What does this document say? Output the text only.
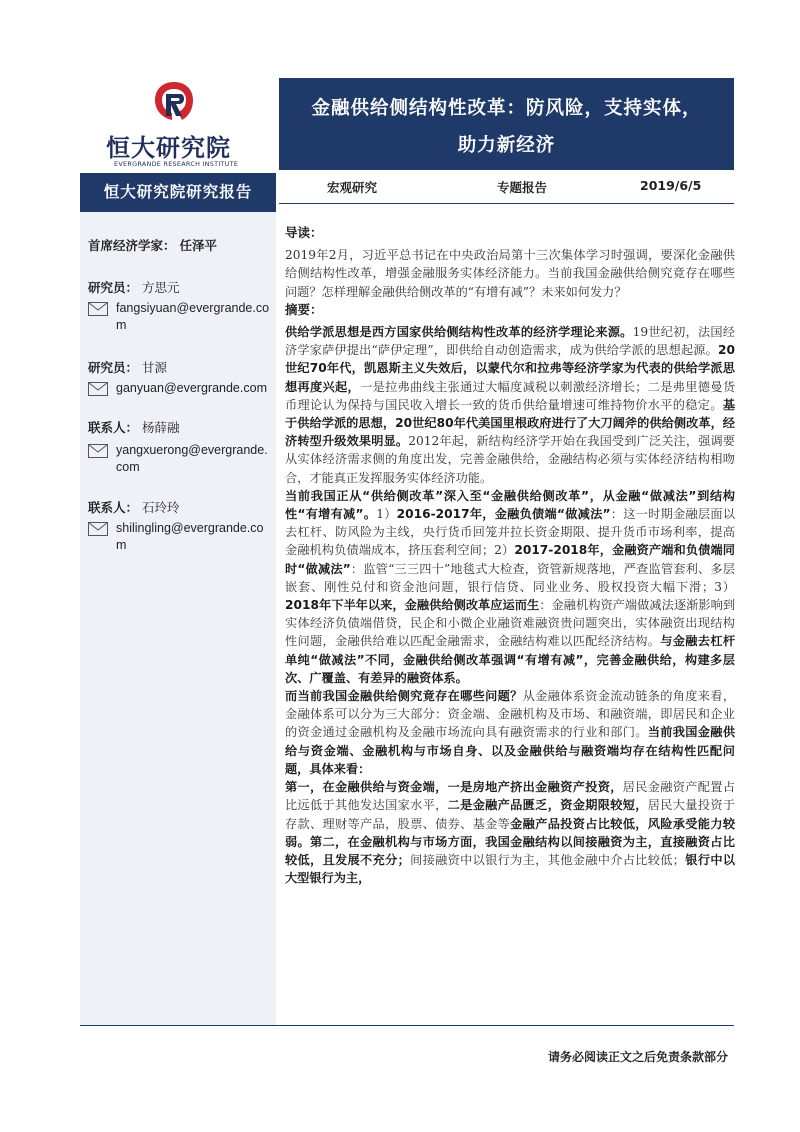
恒大研究院
EVERGRANDE RESEARCH INSTITUTE
金融供给侧结构性改革：防风险，支持实体，
助力新经济
恒大研究院研究报告	宏观研究	专题报告	2019/6/5
首席经济学家： 任泽平
研究员： 方思元
fangsiyuan@evergrande.com
研究员： 甘源
ganyuan@evergrande.com
联系人： 杨薛融
yangxuerong@evergrande.com
联系人： 石玲玲
shilingling@evergrande.com
导读：

2019年2月，习近平总书记在中央政治局第十三次集体学习时强调，要深化金融供给侧结构性改革，增强金融服务实体经济能力。当前我国金融供给侧究竟存在哪些问题？怎样理解金融供给侧改革的“有增有减”？未来如何发力？

摘要：

供给学派思想是西方国家供给侧结构性改革的经济学理论来源。19世纪初，法国经济学家萨伊提出“萨伊定理”，即供给自动创造需求，成为供给学派的思想起源。20世纪70年代，凯恩斯主义失效后，以蒙代尔和拉弗等经济学家为代表的供给学派思想再度兴起，一是拉弗曲线主张通过大幅度减税以刺激经济增长；二是弗里德曼货币理论认为保持与国民收入增长一致的货币供给量增速可维持物价水平的稳定。基于供给学派的思想，20世纪80年代美国里根政府进行了大刀阔斧的供给侧改革，经济转型升级效果明显。2012年起，新结构经济学开始在我国受到广泛关注，强调要从实体经济需求侧的角度出发，完善金融供给，金融结构必须与实体经济结构相吻合，才能真正发挥服务实体经济功能。

当前我国正从“供给侧改革”深入至“金融供给侧改革”，从金融“做减法”到结构性“有增有减”。1）2016-2017年，金融负债端“做减法”：这一时期金融层面以去杠杆、防风险为主线，央行货币回笼并拉长资金期限、提升货币市场利率，提高金融机构负债端成本，挤压套利空间；2）2017-2018年，金融资产端和负债端同时“做减法”：监管“三三四十”地毯式大检查，资管新规落地，严查监管套利、多层嵌套、刚性兑付和资金池问题，银行信贷、同业业务、股权投资大幅下滑；3）2018年下半年以来，金融供给侧改革应运而生：金融机构资产端做减法逐渐影响到实体经济负债端借贷，民企和小微企业融资难融资贵问题突出，实体融资出现结构性问题，金融供给难以匹配金融需求，金融结构难以匹配经济结构。与金融去杠杆单纯“做减法”不同，金融供给侧改革强调“有增有减”，完善金融供给，构建多层次、广覆盖、有差异的融资体系。

而当前我国金融供给侧究竟存在哪些问题？从金融体系资金流动链条的角度来看，金融体系可以分为三大部分：资金端、金融机构及市场、和融资端，即居民和企业的资金通过金融机构及金融市场流向具有融资需求的行业和部门。当前我国金融供给与资金端、金融机构与市场自身、以及金融供给与融资端均存在结构性匹配问题，具体来看：

第一，在金融供给与资金端，一是房地产挤出金融资产投资，居民金融资产配置占比远低于其他发达国家水平，二是金融产品匮乏，资金期限较短，居民大量投资于存款、理财等产品，股票、债券、基金等金融产品投资占比较低，风险承受能力较弱。第二，在金融机构与市场方面，我国金融结构以间接融资为主，直接融资占比较低，且发展不充分；间接融资中以银行为主，其他金融中介占比较低；银行中以大型银行为主，

请务必阅读正文之后免责条款部分
